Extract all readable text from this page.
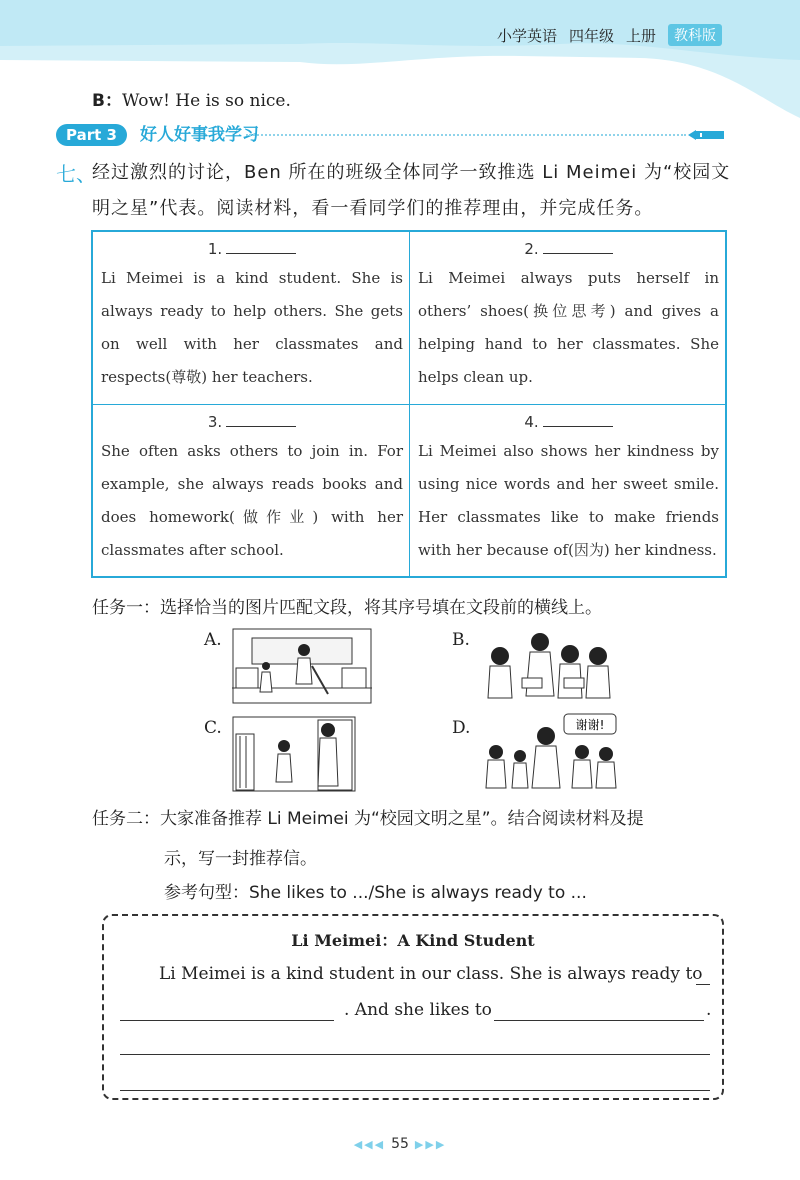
小学英语 四年级 上册	教科版
B：Wow! He is so nice.
Part 3	好人好事我学习
七、
经过激烈的讨论，Ben 所在的班级全体同学一致推选 Li Meimei 为“校园文
明之星”代表。阅读材料，看一看同学们的推荐理由，并完成任务。
1.
Li Meimei is a kind student. She is always ready to help others. She gets on well with her classmates and respects(尊敬) her teachers.
2.
Li Meimei always puts herself in others’ shoes(换位思考) and gives a helping hand to her classmates. She helps clean up.
3.
She often asks others to join in. For example, she always reads books and does homework(做作业) with her classmates after school.
4.
Li Meimei also shows her kindness by using nice words and her sweet smile. Her classmates like to make friends with her because of(因为) her kindness.
任务一：选择恰当的图片匹配文段，将其序号填在文段前的横线上。
A.	B.
C.	D.	谢谢!
任务二：大家准备推荐 Li Meimei 为“校园文明之星”。结合阅读材料及提
示，写一封推荐信。
参考句型：She likes to .../She is always ready to ...
Li Meimei：A Kind Student
Li Meimei is a kind student in our class. She is always ready to
. And she likes to	.
◀◀◀ 55 ▶▶▶
